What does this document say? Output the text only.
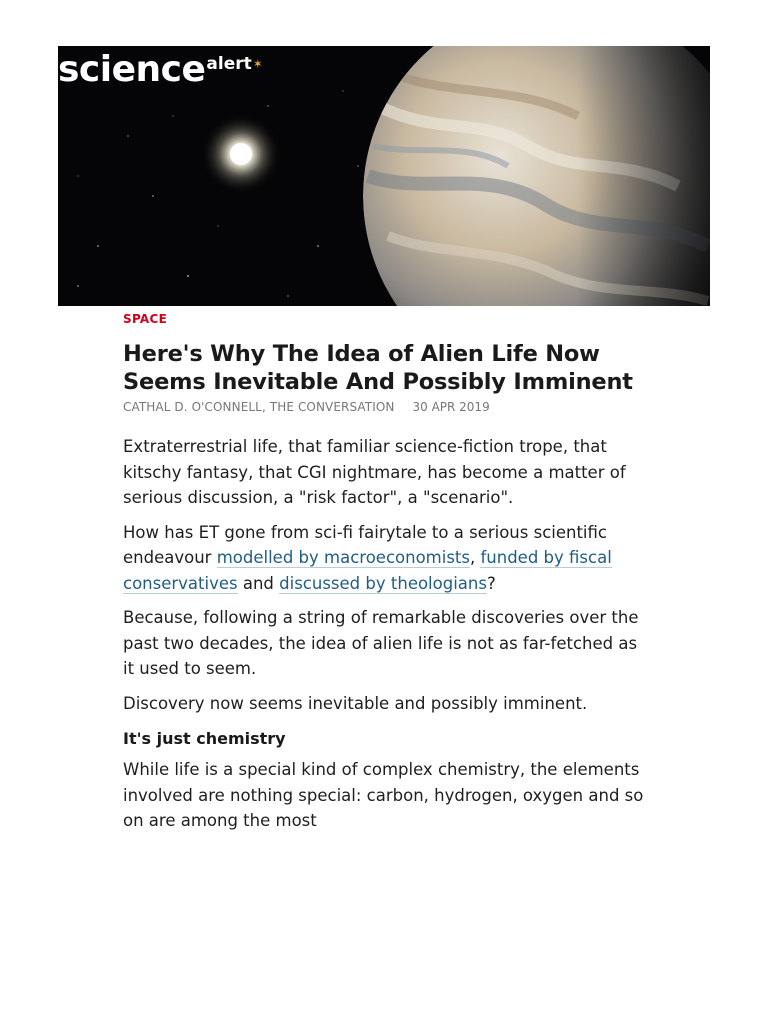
science alert ✶
SPACE
Here's Why The Idea of Alien Life Now Seems Inevitable And Possibly Imminent
CATHAL D. O'CONNELL, THE CONVERSATION 30 APR 2019

Extraterrestrial life, that familiar science-fiction trope, that kitschy fantasy, that CGI nightmare, has become a matter of serious discussion, a "risk factor", a "scenario".

How has ET gone from sci-fi fairytale to a serious scientific endeavour modelled by macroeconomists, funded by fiscal conservatives and discussed by theologians?

Because, following a string of remarkable discoveries over the past two decades, the idea of alien life is not as far-fetched as it used to seem.

Discovery now seems inevitable and possibly imminent.

It's just chemistry

While life is a special kind of complex chemistry, the elements involved are nothing special: carbon, hydrogen, oxygen and so on are among the most
